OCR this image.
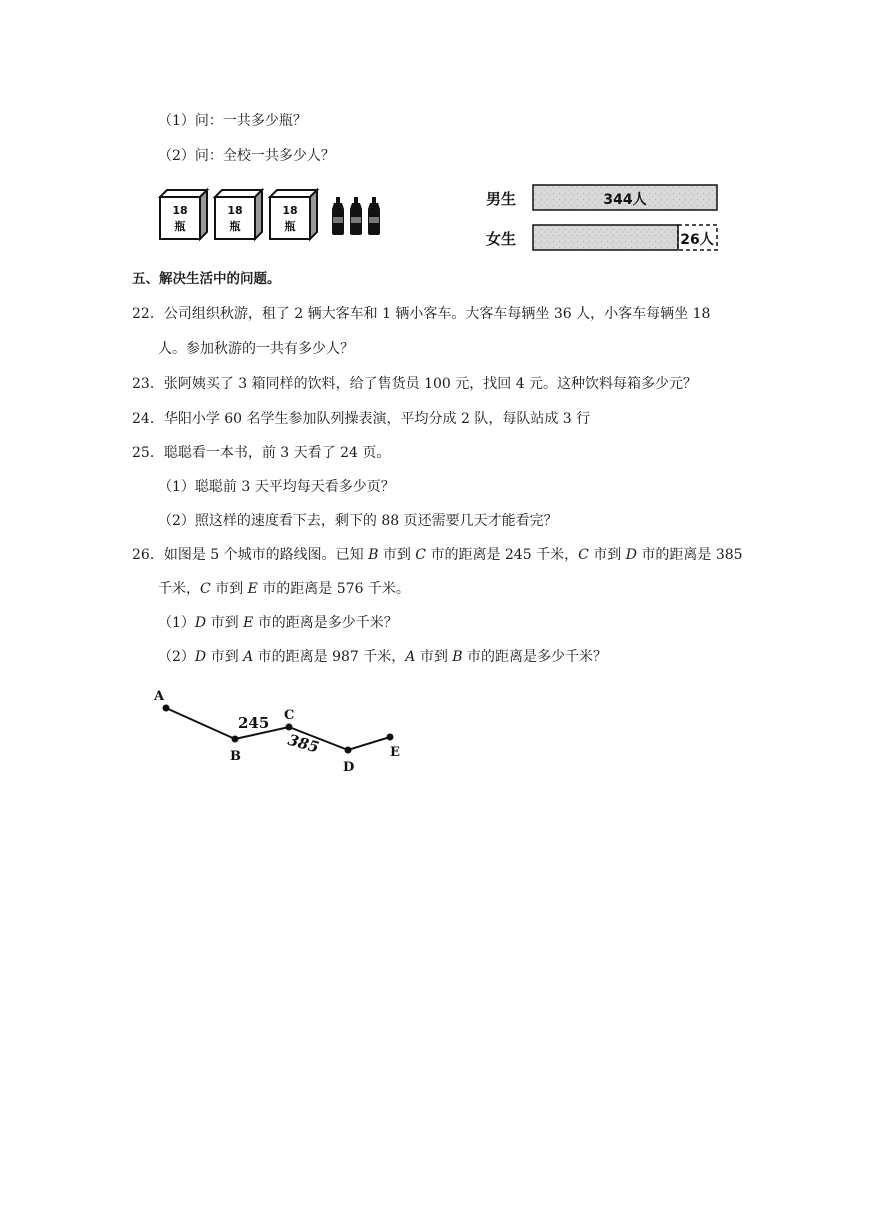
（1）问：一共多少瓶？
（2）问：全校一共多少人？
18
瓶
18
瓶
18
瓶
男生	344人
女生	26人
五、解决生活中的问题。
22．公司组织秋游，租了 2 辆大客车和 1 辆小客车。大客车每辆坐 36 人，小客车每辆坐 18
人。参加秋游的一共有多少人？
23．张阿姨买了 3 箱同样的饮料，给了售货员 100 元，找回 4 元。这种饮料每箱多少元？
24．华阳小学 60 名学生参加队列操表演，平均分成 2 队，每队站成 3 行
25．聪聪看一本书，前 3 天看了 24 页。
（1）聪聪前 3 天平均每天看多少页？
（2）照这样的速度看下去，剩下的 88 页还需要几天才能看完？
26．如图是 5 个城市的路线图。已知 B 市到 C 市的距离是 245 千米，C 市到 D 市的距离是 385
千米，C 市到 E 市的距离是 576 千米。
（1）D 市到 E 市的距离是多少千米？
（2）D 市到 A 市的距离是 987 千米，A 市到 B 市的距离是多少千米？
A
B
C
D
E
245
385
